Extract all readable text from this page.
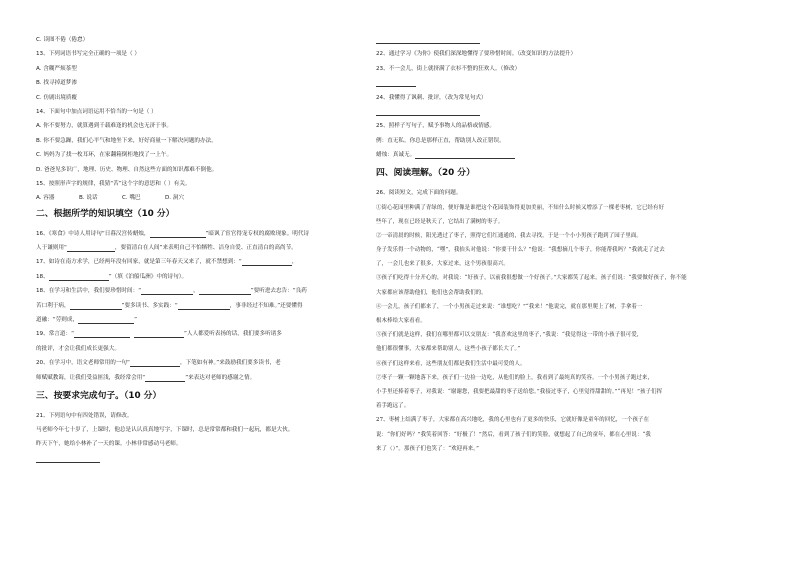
C. 读图不倦（倦怠）
13、下列词语书写完全正确的一项是（ ）
A. 含糊严烦茶型
B. 找寻掉道梦渗
C. 仿剧出境质覆
14、下面句中加点词语运用不恰当的一句是（ ）
A. 你不要努力，就算遇到千载难逢的机会也无济于事。
B. 你不要急躁，我们心平气和地坐下来，好好商量一下解决问题的办法。
C. 妈妈为了找一枚耳环，在家翻箱倒柜地找了一上午。
D. 爸爸见多识广，地理、历史、物理、自然这些方面的知识都难不倒他。
15、按照形声字的规律，我猜“苦”这个字的意思和（ ）有关。
A. 容器	B. 说话	C. 嘴巴	D. 洞穴
二、根据所学的知识填空（10 分）
16、《寒食》中诗人用诗句“日暮汉宫传蜡烛，	”暗讽了宦官得宠专权的腐败现象。明代诗
人于谦则用“	，要留清白在人间”来表明自己不怕牺牲、洁身自爱、正直清白的高尚节。
17、如诗在南方求学，已经两年没有回家，就是第三年春天又来了，就不禁想到：“	，
18、	”（填《泊船瓜洲》中的诗句）。
18、在学习和生活中，我们要珍惜时间：“	，	”要听进去忠告：“良药
苦口利于病，	”要多读书、多实践：“	，事非经过不知难。”还要懂得
道融：“劳则成，	”
19、常言道：“	”人人都爱听表扬的话，我们要多听诸多
的批评，才会让我们成长更强大。
20、在学习中，语文老师常用的一句“	，下笔如有神。”来鼓励我们要多读书，老
师赋赋教诲，让我们受益匪浅，我经常会用“	”来表达对老师的感谢之情。
三、按要求完成句子。（10 分）
21、下列语句中有四处错误，请修改。
马老师今年七十岁了，上课时，他总是认认真真地写字，下课时，总是常常都和我们一起玩，都是大伙。
昨天下午，她给小林补了一天的课。小林非常感动马老师。
22、通过学习《为你》使我们深深地懂得了要珍惜时间。（改变知识的方法提升）
23、不一会儿，街上就挤满了衣衫不整的狂欢人。（修改）
24、我懂得了讽刺、批评，（改为常见句式）
25、照样子写句子，赋予事物人的品格或情感。
例：直无私。你总是那样正直，帮助别人改正错误。
蜡烛：真诚无。
四、阅读理解。（20 分）
26、阅读短文，完成下面的问题。
①街心花园里种满了青绿的，便好像是谁把这个花园装饰得更加美丽，不知什么时候又增添了一棵老枣树，它已经有好
些年了，现在已经是秋天了，它结出了满树的枣子。
②一帝清晨的时候，阳光透过了枣子，照得它们红通通的，我去寻找。于是一个小小男孩子跑到了园子里面。
身子发乐得一个动物的，“嘿”，我抬头对他说：“你要干什么？”他说：“我想摘几个枣子，你能帮我吗？”我就走了过去
了，一会儿也来了很多，大家过来，这个男孩很高兴。
③孩子们吃得十分开心的，对我说：“好孩子，以前我很想做一个好孩子。”大家都笑了起来。孩子们说：“我要做好孩子，你不能
大家都应该帮助他们，他们也会帮助我们的。
④一会儿，孩子们都来了，一个小男孩走过来说：“谁想吃？”“我来！”他说完，就在那里爬上了树，手拿着一
根木棒给大家看看。
⑤孩子们就是这样，我们在哪里都可以交朋友：“我喜欢这里的枣子，”我说：“我觉得这一带的小孩子很可爱，
他们都很懂事，大家都来帮助别人，这些小孩子都长大了。”
⑥孩子们这样来看，这些朋友们都是我们生活中最可爱的人。
⑦枣子一颗一颗地落下来，孩子们一边捡一边吃，从他们的脸上，我看到了最纯真的笑容。一个小男孩子跑过来，
小手里还捧着枣子，对我说：“谢谢您，我要把最甜的枣子送给您。”我接过枣子，心里觉得甜甜的。”“再见！”孩子们挥
着手跑远了。
27、枣树上结满了枣子，大家都在高兴地吃，我的心里也有了更多的快乐，它就好像是童年的回忆，一个孩子在
说：“你们好吗？”我笑着回答：“好极了！”然后，看到了孩子们的笑脸，就想起了自己的童年，都在心里说：“我
来了（）”。那孩子们也笑了：“欢迎再来。”
